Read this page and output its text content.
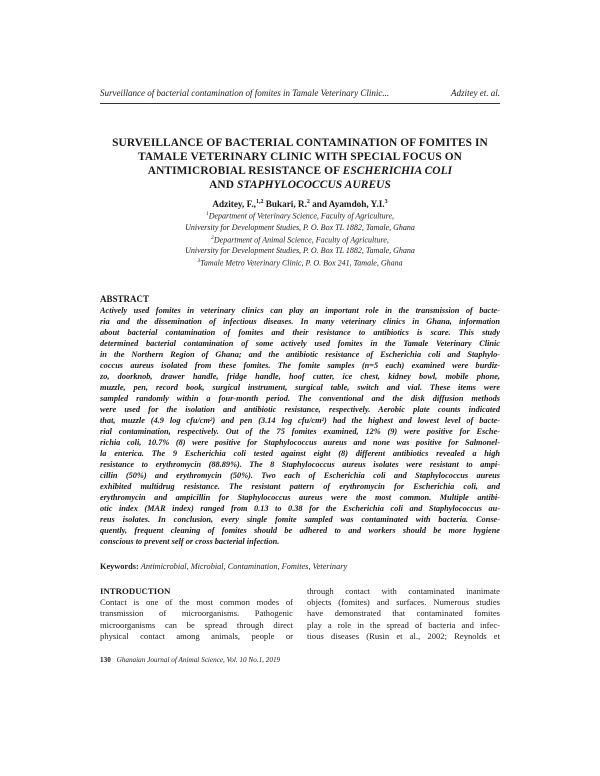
Surveillance of bacterial contamination of fomites in Tamale Veterinary Clinic...	Adzitey et. al.
SURVEILLANCE OF BACTERIAL CONTAMINATION OF FOMITES IN
TAMALE VETERINARY CLINIC WITH SPECIAL FOCUS ON
ANTIMICROBIAL RESISTANCE OF ESCHERICHIA COLI
AND STAPHYLOCOCCUS AUREUS
Adzitey, F.,$^{1,2}$ Bukari, R.$^2$ and Ayamdoh, Y.I.$^3$
$^1$Department of Veterinary Science, Faculty of Agriculture,
University for Development Studies, P. O. Box TL 1882, Tamale, Ghana
$^2$Department of Animal Science, Faculty of Agriculture,
University for Development Studies, P. O. Box TL 1882, Tamale, Ghana
$^3$Tamale Metro Veterinary Clinic, P. O. Box 241, Tamale, Ghana
ABSTRACT
Actively used fomites in veterinary clinics can play an important role in the transmission of bacte-
ria and the dissemination of infectious diseases. In many veterinary clinics in Ghana, information
about bacterial contamination of fomites and their resistance to antibiotics is scare. This study
determined bacterial contamination of some actively used fomites in the Tamale Veterinary Clinic
in the Northern Region of Ghana; and the antibiotic resistance of Escherichia coli and Staphylo-
coccus aureus isolated from these fomites. The fomite samples (n=5 each) examined were burdiz-
zo, doorknob, drawer handle, fridge handle, hoof cutter, ice chest, kidney bowl, mobile phone,
muzzle, pen, record book, surgical instrument, surgical table, switch and vial. These items were
sampled randomly within a four-month period. The conventional and the disk diffusion methods
were used for the isolation and antibiotic resistance, respectively. Aerobic plate counts indicated
that, muzzle (4.9 log cfu/cm²) and pen (3.14 log cfu/cm²) had the highest and lowest level of bacte-
rial contamination, respectively. Out of the 75 fomites examined, 12% (9) were positive for Esche-
richia coli, 10.7% (8) were positive for Staphylococcus aureus and none was positive for Salmonel-
la enterica. The 9 Escherichia coli tested against eight (8) different antibiotics revealed a high
resistance to erythromycin (88.89%). The 8 Staphylococcus aureus isolates were resistant to ampi-
cillin (50%) and erythromycin (50%). Two each of Escherichia coli and Staphylococcus aureus
exhibited multidrug resistance. The resistant pattern of erythromycin for Escherichia coli, and
erythromycin and ampicillin for Staphylococcus aureus were the most common. Multiple antibi-
otic index (MAR index) ranged from 0.13 to 0.38 for the Escherichia coli and Staphylococcus au-
reus isolates. In conclusion, every single fomite sampled was contaminated with bacteria. Conse-
quently, frequent cleaning of fomites should be adhered to and workers should be more hygiene
conscious to prevent self or cross bacterial infection.
Keywords: Antimicrobial, Microbial, Contamination, Fomites, Veterinary
INTRODUCTION
Contact is one of the most common modes of
transmission of microorganisms. Pathogenic
microorganisms can be spread through direct
physical contact among animals, people or
through contact with contaminated inanimate
objects (fomites) and surfaces. Numerous studies
have demonstrated that contaminated fomites
play a role in the spread of bacteria and infec-
tious diseases (Rusin et al., 2002; Reynolds et
130 Ghanaian Journal of Animal Science, Vol. 10 No.1, 2019
